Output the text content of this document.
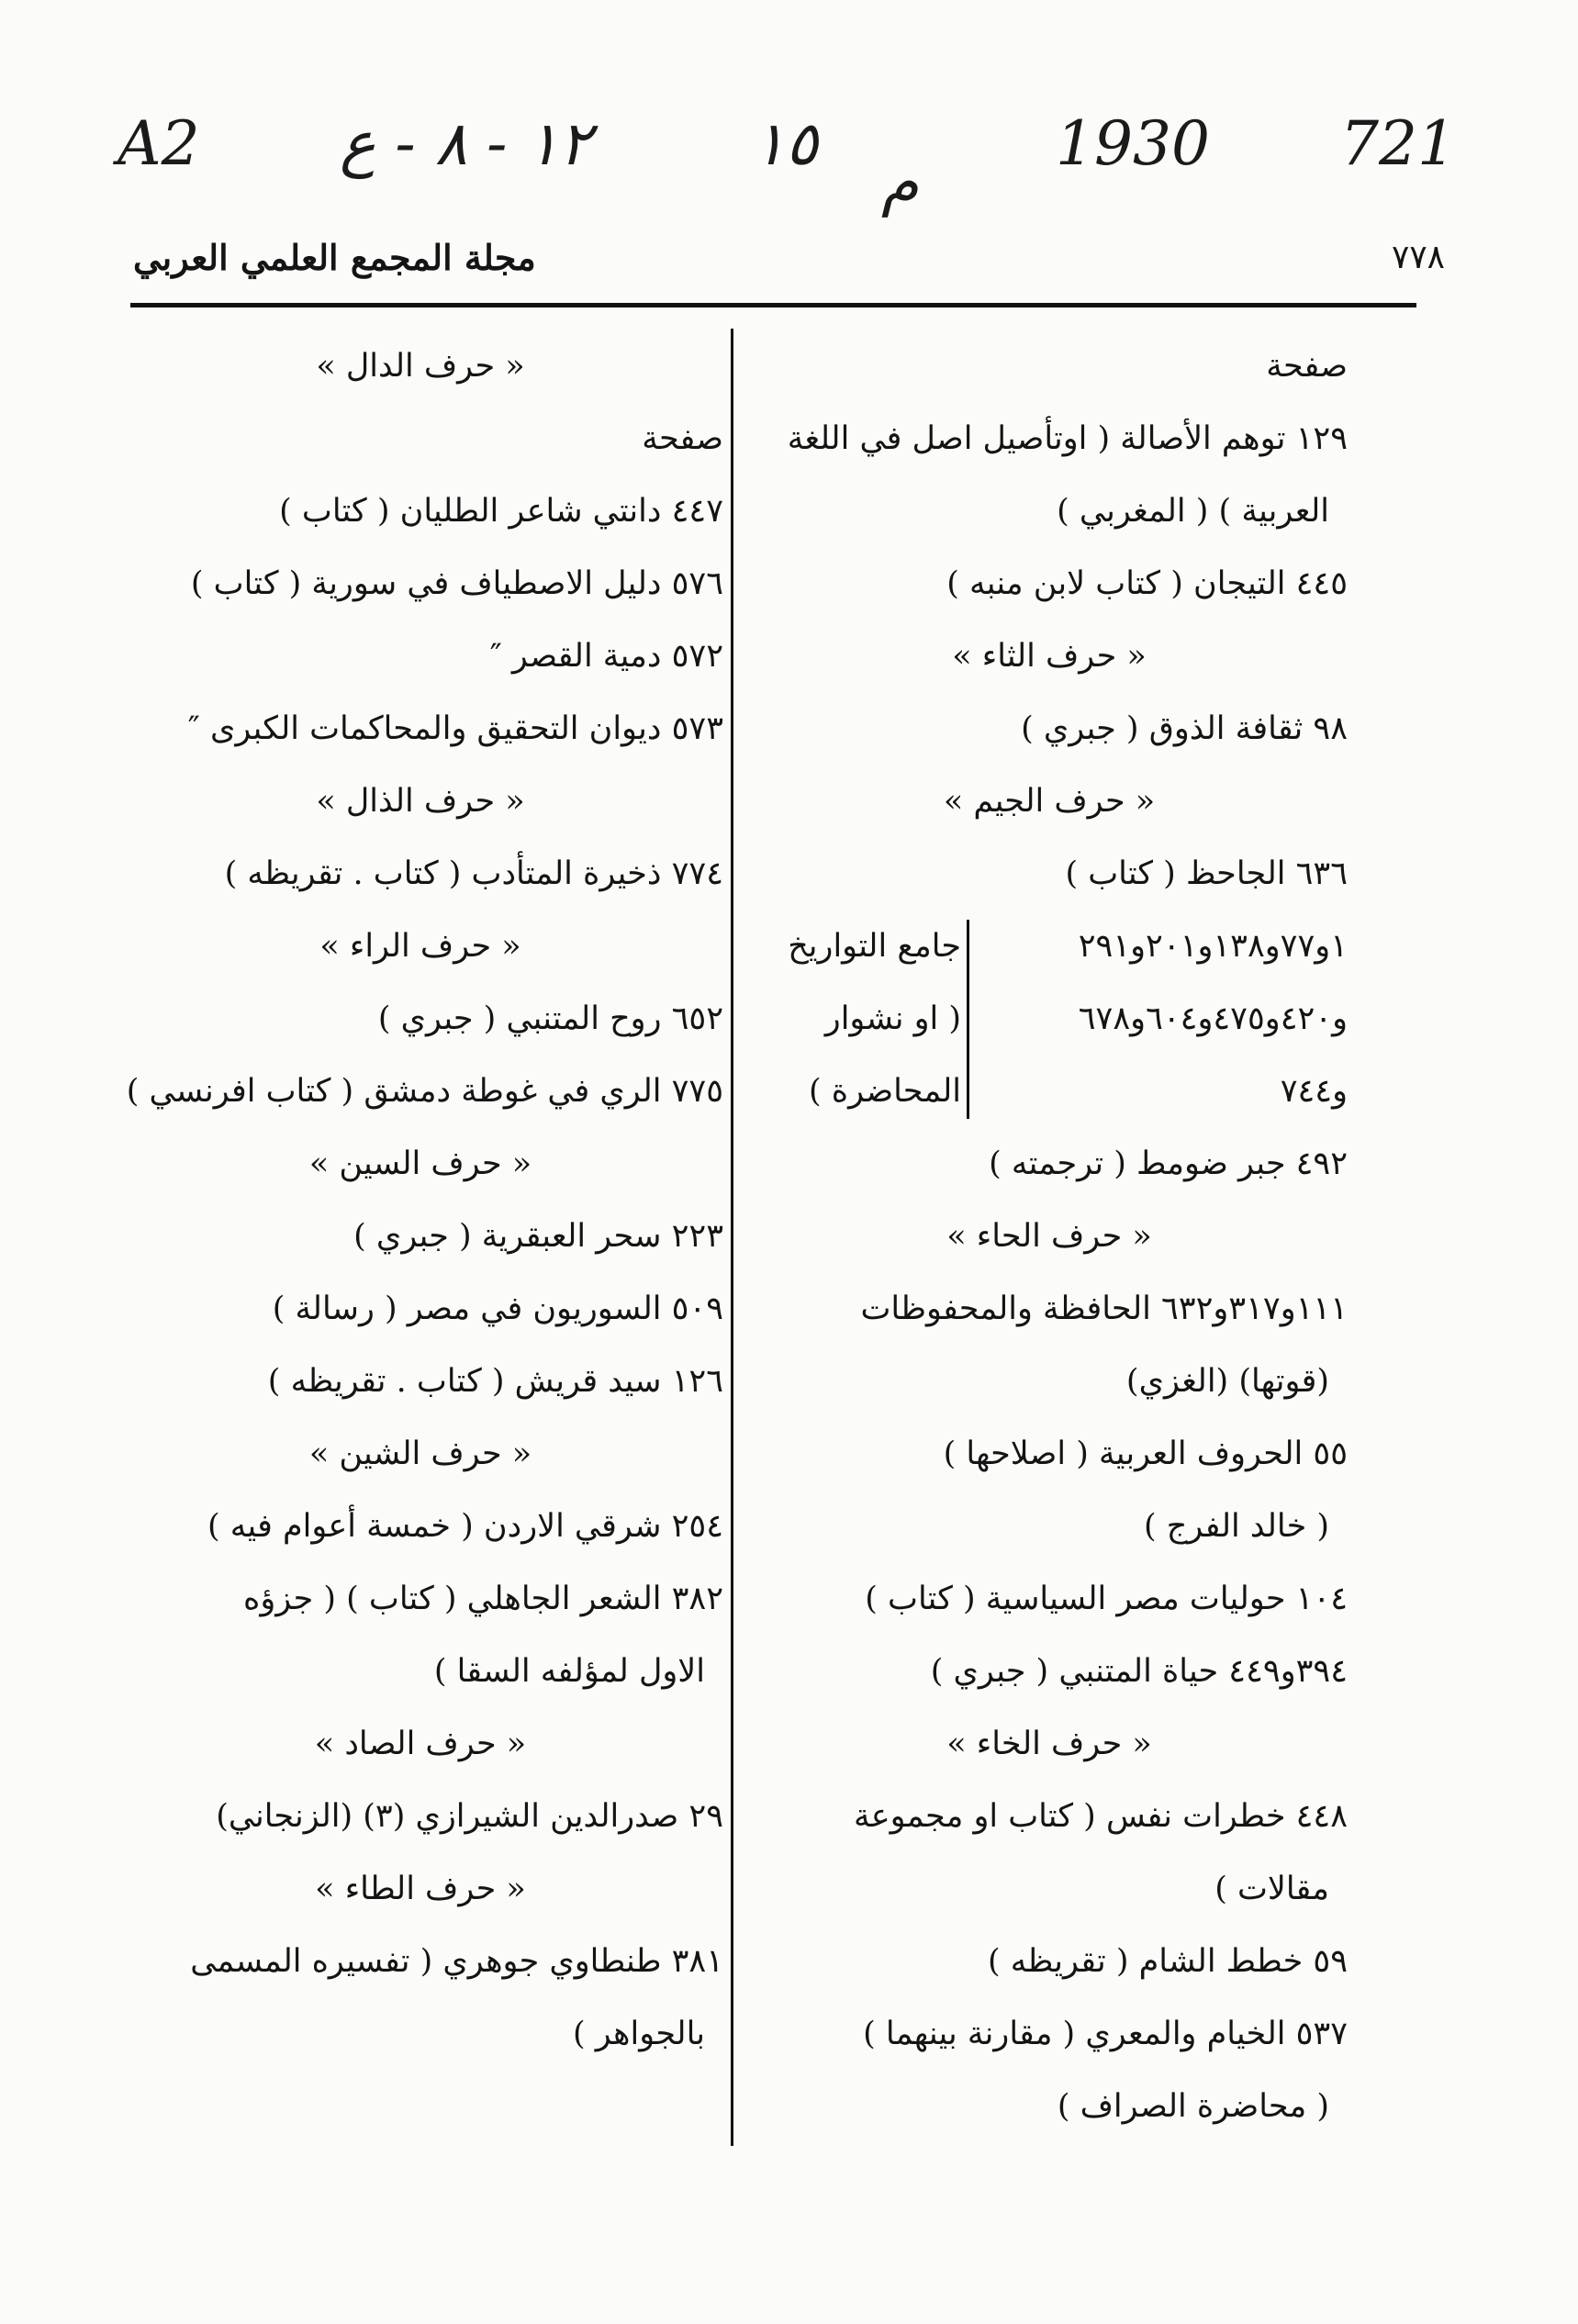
A2 ١٢ - ٨ - ع	١٥
م
1930 721
٧٧٨
مجلة المجمع العلمي العربي
صفحة
١٢٩ توهم الأصالة ( اوتأصيل اصل في اللغة
العربية ) ( المغربي )
٤٤٥ التيجان ( كتاب لابن منبه )
« حرف الثاء »
٩٨ ثقافة الذوق ( جبري )
« حرف الجيم »
٦٣٦ الجاحظ ( كتاب )
١و٧٧و١٣٨و٢٠١و٢٩١
و٤٢٠و٤٧٥و٦٠٤و٦٧٨
و٧٤٤
جامع التواريخ
( او نشوار
المحاضرة )
٤٩٢ جبر ضومط ( ترجمته )
« حرف الحاء »
١١١و٣١٧و٦٣٢ الحافظة والمحفوظات
(قوتها) (الغزي)
٥٥ الحروف العربية ( اصلاحها )
( خالد الفرج )
١٠٤ حوليات مصر السياسية ( كتاب )
٣٩٤و٤٤٩ حياة المتنبي ( جبري )
« حرف الخاء »
٤٤٨ خطرات نفس ( كتاب او مجموعة
مقالات )
٥٩ خطط الشام ( تقريظه )
٥٣٧ الخيام والمعري ( مقارنة بينهما )
( محاضرة الصراف )
« حرف الدال »
صفحة
٤٤٧ دانتي شاعر الطليان ( كتاب )
٥٧٦ دليل الاصطياف في سورية ( كتاب )
٥٧٢ دمية القصر ″
٥٧٣ ديوان التحقيق والمحاكمات الكبرى ″
« حرف الذال »
٧٧٤ ذخيرة المتأدب ( كتاب . تقريظه )
« حرف الراء »
٦٥٢ روح المتنبي ( جبري )
٧٧٥ الري في غوطة دمشق ( كتاب افرنسي )
« حرف السين »
٢٢٣ سحر العبقرية ( جبري )
٥٠٩ السوريون في مصر ( رسالة )
١٢٦ سيد قريش ( كتاب . تقريظه )
« حرف الشين »
٢٥٤ شرقي الاردن ( خمسة أعوام فيه )
٣٨٢ الشعر الجاهلي ( كتاب ) ( جزؤه
الاول لمؤلفه السقا )
« حرف الصاد »
٢٩ صدرالدين الشيرازي (٣) (الزنجاني)
« حرف الطاء »
٣٨١ طنطاوي جوهري ( تفسيره المسمى
بالجواهر )
